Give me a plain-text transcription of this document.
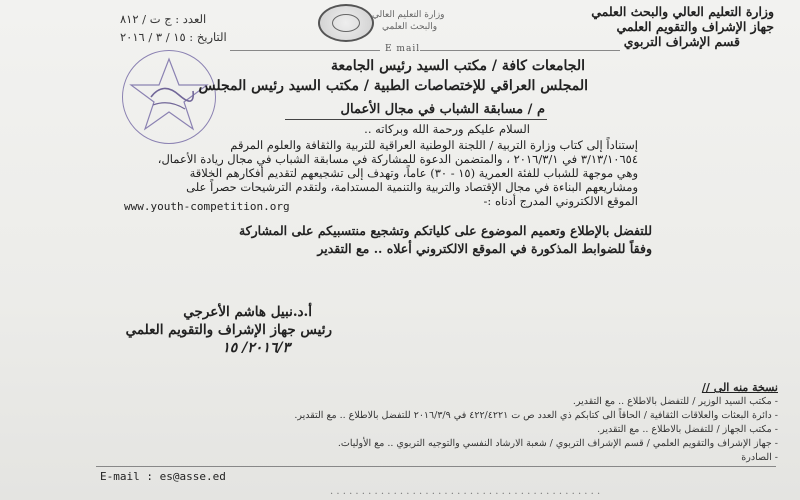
وزارة التعليم العالي والبحث العلمي
جهاز الإشراف والتقويم العلمي
قسم الإشراف التربوي
وزارة التعليم العالي
والبحث العلمي
العدد : ج ت / ٨١٢
التاريخ : ١٥ / ٣ / ٢٠١٦
E mail
الجامعات كافة / مكتب السيد رئيس الجامعة
المجلس العراقي للإختصاصات الطبية / مكتب السيد رئيس المجلس
م / مسابقة الشباب في مجال الأعمال
السلام عليكم ورحمة الله وبركاته ..
إستناداً إلى كتاب وزارة التربية / اللجنة الوطنية العراقية للتربية والثقافة والعلوم المرقم
٣/١٣/١٠٦٥٤ في ٢٠١٦/٣/١ ، والمتضمن الدعوة للمشاركة في مسابقة الشباب في مجال ريادة الأعمال،
وهي موجهة للشباب للفئة العمرية (١٥ - ٣٠) عاماً، وتهدف إلى تشجيعهم لتقديم أفكارهم الخلاقة
ومشاريعهم البناءة في مجال الإقتصاد والتربية والتنمية المستدامة، ولتقدم الترشيحات حصراً على
الموقع الالكتروني المدرج أدناه :-
www.youth-competition.org
للتفضل بالإطلاع وتعميم الموضوع على كلياتكم وتشجيع منتسبيكم على المشاركة
وفقاً للضوابط المذكورة في الموقع الالكتروني أعلاه .. مع التقدير
أ.د.نبيل هاشم الأعرجي
رئيس جهاز الإشراف والتقويم العلمي
٢٠١٦/٣/ ١٥
نسخة منه الى //
- مكتب السيد الوزير / للتفضل بالاطلاع .. مع التقدير.
- دائرة البعثات والعلاقات الثقافية / الحاقاً الى كتابكم ذي العدد ص ت ٤٢٢/٤٢٢١ في ٢٠١٦/٣/٩ للتفضل بالاطلاع .. مع التقدير.
- مكتب الجهاز / للتفضل بالاطلاع .. مع التقدير.
- جهاز الإشراف والتقويم العلمي / قسم الإشراف التربوي / شعبة الارشاد النفسي والتوجيه التربوي .. مع الأوليات.
- الصادرة
E-mail : es@asse.ed
. . . . . . . . . . . . . . . . . . . . . . . . . . . . . . . . . . . . . . . . . . .
